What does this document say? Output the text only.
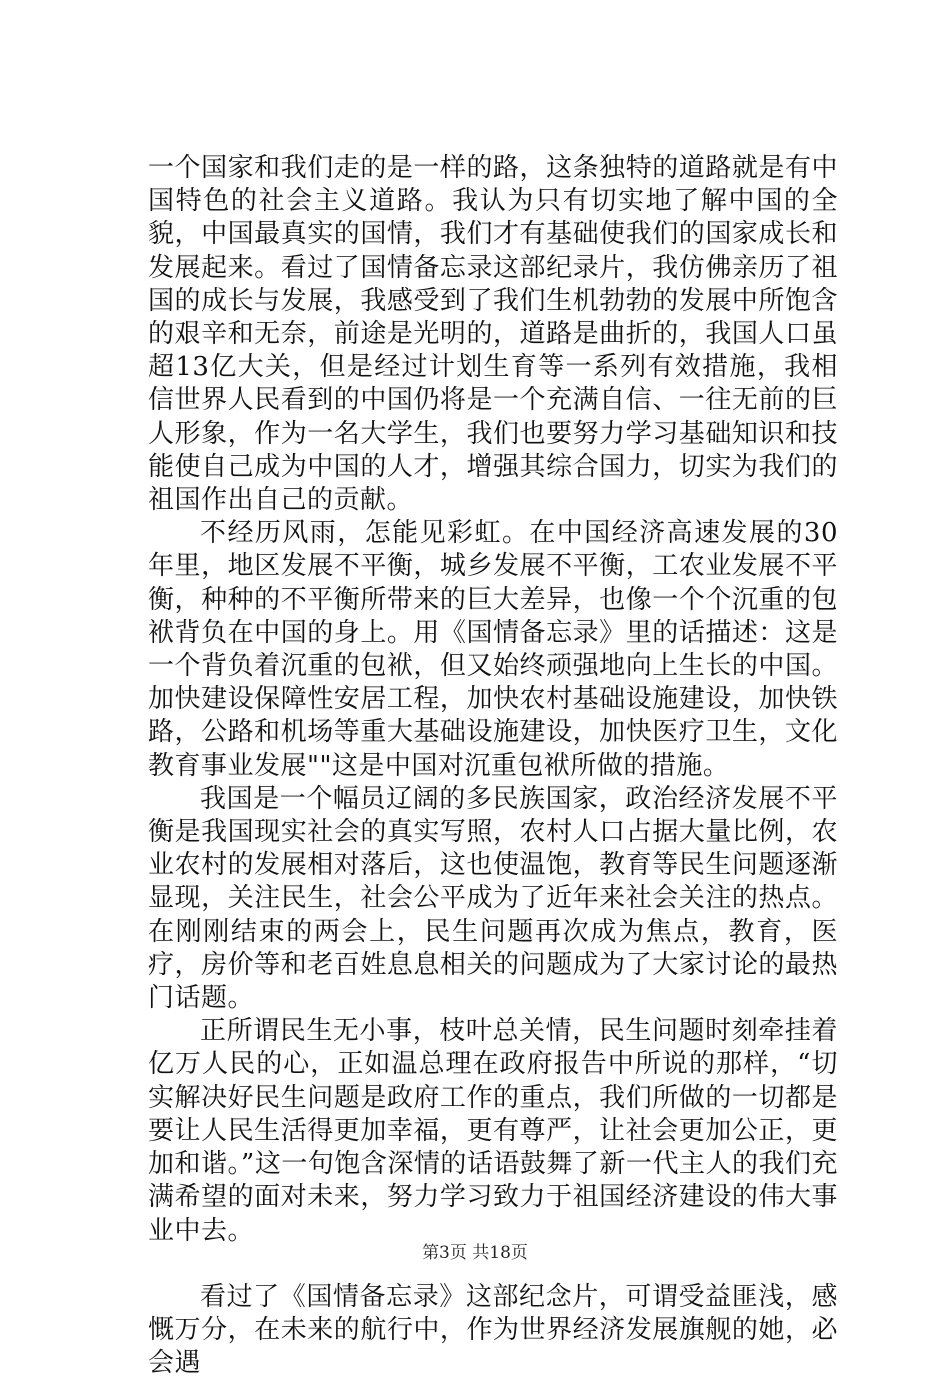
一个国家和我们走的是一样的路，这条独特的道路就是有中国特色的社会主义道路。我认为只有切实地了解中国的全貌，中国最真实的国情，我们才有基础使我们的国家成长和发展起来。看过了国情备忘录这部纪录片，我仿佛亲历了祖国的成长与发展，我感受到了我们生机勃勃的发展中所饱含的艰辛和无奈，前途是光明的，道路是曲折的，我国人口虽超13亿大关，但是经过计划生育等一系列有效措施，我相信世界人民看到的中国仍将是一个充满自信、一往无前的巨人形象，作为一名大学生，我们也要努力学习基础知识和技能使自己成为中国的人才，增强其综合国力，切实为我们的祖国作出自己的贡献。

不经历风雨，怎能见彩虹。在中国经济高速发展的30年里，地区发展不平衡，城乡发展不平衡，工农业发展不平衡，种种的不平衡所带来的巨大差异，也像一个个沉重的包袱背负在中国的身上。用《国情备忘录》里的话描述：这是一个背负着沉重的包袱，但又始终顽强地向上生长的中国。加快建设保障性安居工程，加快农村基础设施建设，加快铁路，公路和机场等重大基础设施建设，加快医疗卫生，文化教育事业发展""这是中国对沉重包袱所做的措施。

我国是一个幅员辽阔的多民族国家，政治经济发展不平衡是我国现实社会的真实写照，农村人口占据大量比例，农业农村的发展相对落后，这也使温饱，教育等民生问题逐渐显现，关注民生，社会公平成为了近年来社会关注的热点。在刚刚结束的两会上，民生问题再次成为焦点，教育，医疗，房价等和老百姓息息相关的问题成为了大家讨论的最热门话题。

正所谓民生无小事，枝叶总关情，民生问题时刻牵挂着亿万人民的心，正如温总理在政府报告中所说的那样，“切实解决好民生问题是政府工作的重点，我们所做的一切都是要让人民生活得更加幸福，更有尊严，让社会更加公正，更加和谐。”这一句饱含深情的话语鼓舞了新一代主人的我们充满希望的面对未来，努力学习致力于祖国经济建设的伟大事业中去。

看过了《国情备忘录》这部纪念片，可谓受益匪浅，感慨万分，在未来的航行中，作为世界经济发展旗舰的她，必会遇

第3页 共18页
